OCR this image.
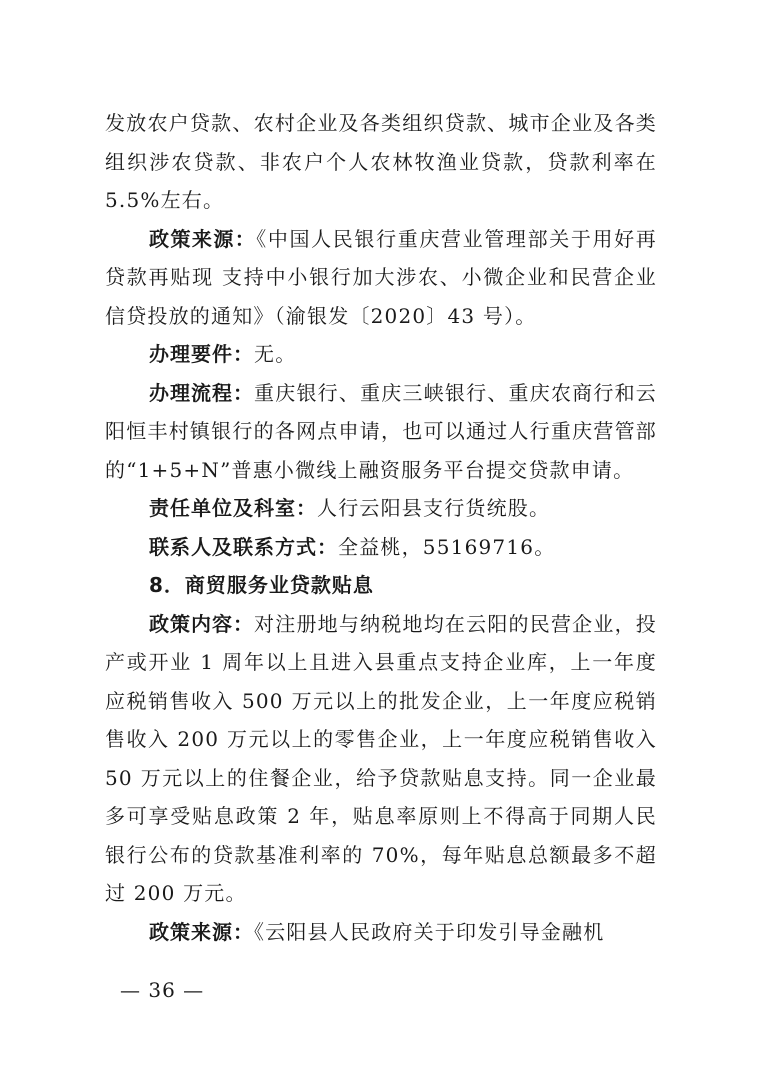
发放农户贷款、农村企业及各类组织贷款、城市企业及各类组织涉农贷款、非农户个人农林牧渔业贷款，贷款利率在 5.5%左右。

政策来源：《中国人民银行重庆营业管理部关于用好再贷款再贴现 支持中小银行加大涉农、小微企业和民营企业信贷投放的通知》（渝银发〔2020〕43 号）。

办理要件：无。

办理流程：重庆银行、重庆三峡银行、重庆农商行和云阳恒丰村镇银行的各网点申请，也可以通过人行重庆营管部的“1+5+N”普惠小微线上融资服务平台提交贷款申请。

责任单位及科室：人行云阳县支行货统股。

联系人及联系方式：全益桃，55169716。

8．商贸服务业贷款贴息

政策内容：对注册地与纳税地均在云阳的民营企业，投产或开业 1 周年以上且进入县重点支持企业库，上一年度应税销售收入 500 万元以上的批发企业，上一年度应税销售收入 200 万元以上的零售企业，上一年度应税销售收入 50 万元以上的住餐企业，给予贷款贴息支持。同一企业最多可享受贴息政策 2 年，贴息率原则上不得高于同期人民银行公布的贷款基准利率的 70%，每年贴息总额最多不超过 200 万元。

政策来源：《云阳县人民政府关于印发引导金融机

— 36 —
